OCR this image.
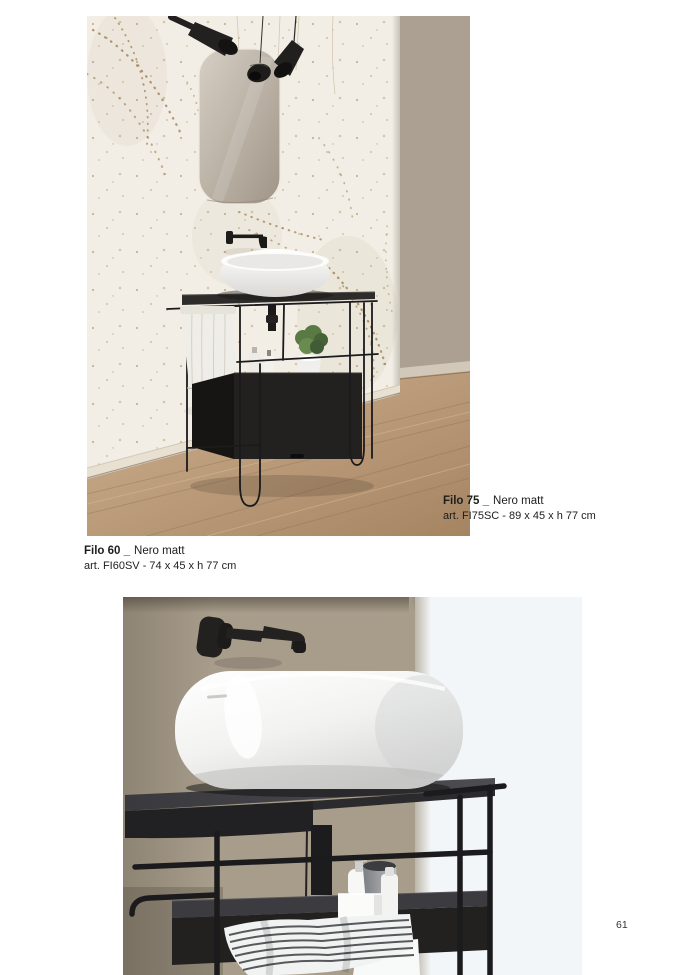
Filo 75 _ Nero matt
art. FI75SC - 89 x 45 x h 77 cm
Filo 60 _ Nero matt
art. FI60SV - 74 x 45 x h 77 cm
61
